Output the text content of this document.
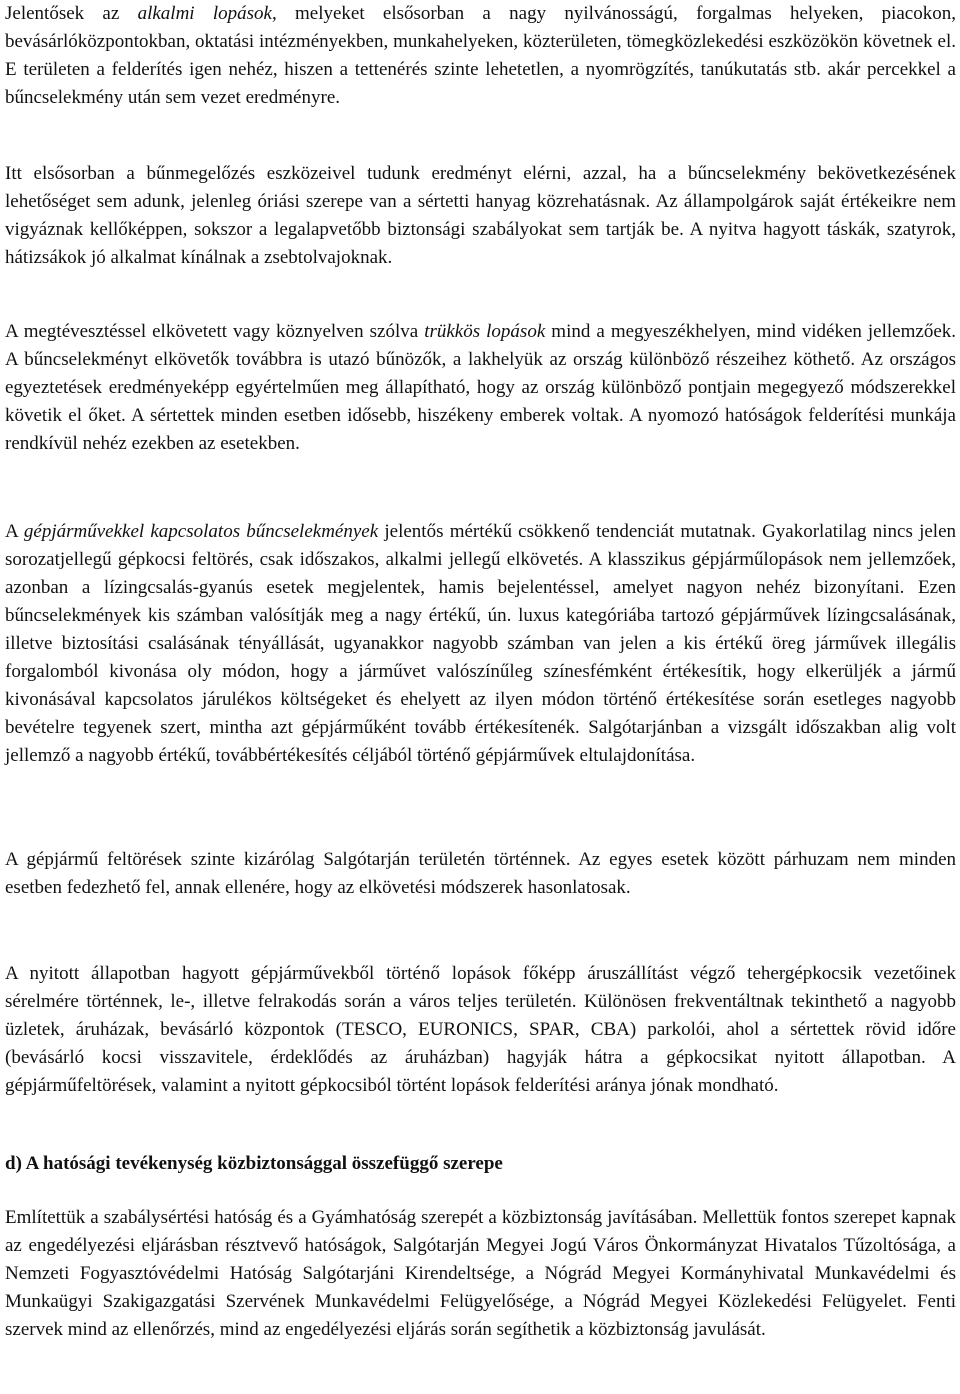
Jelentősek az alkalmi lopások, melyeket elsősorban a nagy nyilvánosságú, forgalmas helyeken, piacokon, bevásárlóközpontokban, oktatási intézményekben, munkahelyeken, közterületen, tömegközlekedési eszközökön követnek el. E területen a felderítés igen nehéz, hiszen a tettenérés szinte lehetetlen, a nyomrögzítés, tanúkutatás stb. akár percekkel a bűncselekmény után sem vezet eredményre.

Itt elsősorban a bűnmegelőzés eszközeivel tudunk eredményt elérni, azzal, ha a bűncselekmény bekövetkezésének lehetőséget sem adunk, jelenleg óriási szerepe van a sértetti hanyag közrehatásnak. Az állampolgárok saját értékeikre nem vigyáznak kellőképpen, sokszor a legalapvetőbb biztonsági szabályokat sem tartják be. A nyitva hagyott táskák, szatyrok, hátizsákok jó alkalmat kínálnak a zsebtolvajoknak.

A megtévesztéssel elkövetett vagy köznyelven szólva trükkös lopások mind a megyeszékhelyen, mind vidéken jellemzőek. A bűncselekményt elkövetők továbbra is utazó bűnözők, a lakhelyük az ország különböző részeihez köthető. Az országos egyeztetések eredményeképp egyértelműen meg állapítható, hogy az ország különböző pontjain megegyező módszerekkel követik el őket. A sértettek minden esetben idősebb, hiszékeny emberek voltak. A nyomozó hatóságok felderítési munkája rendkívül nehéz ezekben az esetekben.

A gépjárművekkel kapcsolatos bűncselekmények jelentős mértékű csökkenő tendenciát mutatnak. Gyakorlatilag nincs jelen sorozatjellegű gépkocsi feltörés, csak időszakos, alkalmi jellegű elkövetés. A klasszikus gépjárműlopások nem jellemzőek, azonban a lízingcsalás-gyanús esetek megjelentek, hamis bejelentéssel, amelyet nagyon nehéz bizonyítani. Ezen bűncselekmények kis számban valósítják meg a nagy értékű, ún. luxus kategóriába tartozó gépjárművek lízingcsalásának, illetve biztosítási csalásának tényállását, ugyanakkor nagyobb számban van jelen a kis értékű öreg járművek illegális forgalomból kivonása oly módon, hogy a járművet valószínűleg színesfémként értékesítik, hogy elkerüljék a jármű kivonásával kapcsolatos járulékos költségeket és ehelyett az ilyen módon történő értékesítése során esetleges nagyobb bevételre tegyenek szert, mintha azt gépjárműként tovább értékesítenék. Salgótarjánban a vizsgált időszakban alig volt jellemző a nagyobb értékű, továbbértékesítés céljából történő gépjárművek eltulajdonítása.

A gépjármű feltörések szinte kizárólag Salgótarján területén történnek. Az egyes esetek között párhuzam nem minden esetben fedezhető fel, annak ellenére, hogy az elkövetési módszerek hasonlatosak.

A nyitott állapotban hagyott gépjárművekből történő lopások főképp áruszállítást végző tehergépkocsik vezetőinek sérelmére történnek, le-, illetve felrakodás során a város teljes területén. Különösen frekventáltnak tekinthető a nagyobb üzletek, áruházak, bevásárló központok (TESCO, EURONICS, SPAR, CBA) parkolói, ahol a sértettek rövid időre (bevásárló kocsi visszavitele, érdeklődés az áruházban) hagyják hátra a gépkocsikat nyitott állapotban. A gépjárműfeltörések, valamint a nyitott gépkocsiból történt lopások felderítési aránya jónak mondható.

d) A hatósági tevékenység közbiztonsággal összefüggő szerepe

Említettük a szabálysértési hatóság és a Gyámhatóság szerepét a közbiztonság javításában. Mellettük fontos szerepet kapnak az engedélyezési eljárásban résztvevő hatóságok, Salgótarján Megyei Jogú Város Önkormányzat Hivatalos Tűzoltósága, a Nemzeti Fogyasztóvédelmi Hatóság Salgótarjáni Kirendeltsége, a Nógrád Megyei Kormányhivatal Munkavédelmi és Munkaügyi Szakigazgatási Szervének Munkavédelmi Felügyelősége, a Nógrád Megyei Közlekedési Felügyelet. Fenti szervek mind az ellenőrzés, mind az engedélyezési eljárás során segíthetik a közbiztonság javulását.
